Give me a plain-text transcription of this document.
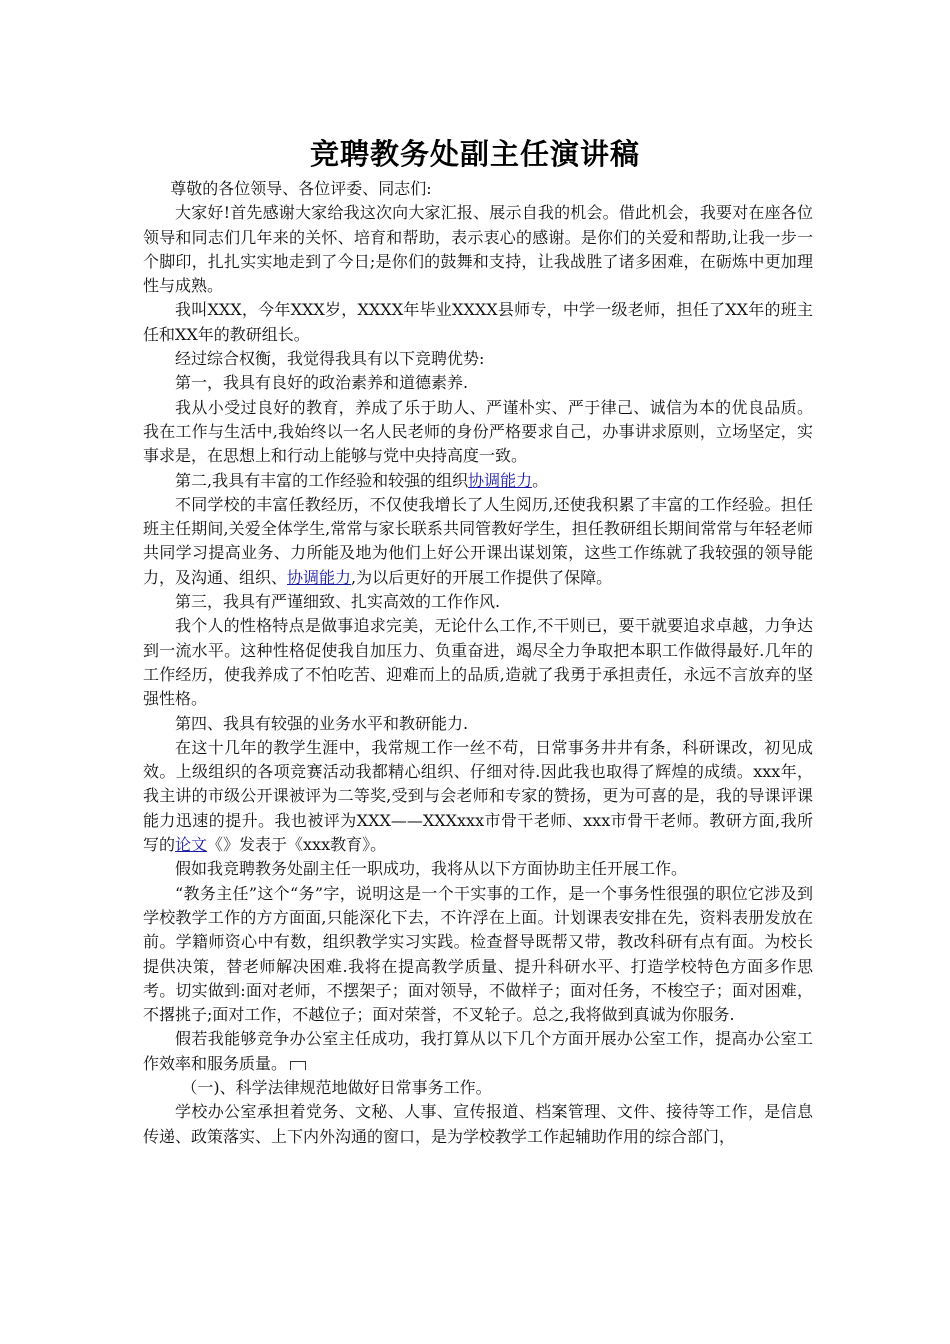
竞聘教务处副主任演讲稿

尊敬的各位领导、各位评委、同志们:

大家好!首先感谢大家给我这次向大家汇报、展示自我的机会。借此机会，我要对在座各位领导和同志们几年来的关怀、培育和帮助，表示衷心的感谢。是你们的关爱和帮助,让我一步一个脚印，扎扎实实地走到了今日;是你们的鼓舞和支持，让我战胜了诸多困难，在砺炼中更加理性与成熟。

我叫XXX，今年XXX岁，XXXX年毕业XXXX县师专，中学一级老师，担任了XX年的班主任和XX年的教研组长。

经过综合权衡，我觉得我具有以下竞聘优势:

第一，我具有良好的政治素养和道德素养.

我从小受过良好的教育，养成了乐于助人、严谨朴实、严于律己、诚信为本的优良品质。我在工作与生活中,我始终以一名人民老师的身份严格要求自己，办事讲求原则，立场坚定，实事求是，在思想上和行动上能够与党中央持高度一致。

第二,我具有丰富的工作经验和较强的组织协调能力。

不同学校的丰富任教经历，不仅使我增长了人生阅历,还使我积累了丰富的工作经验。担任班主任期间,关爱全体学生,常常与家长联系共同管教好学生，担任教研组长期间常常与年轻老师共同学习提高业务、力所能及地为他们上好公开课出谋划策，这些工作练就了我较强的领导能力，及沟通、组织、协调能力,为以后更好的开展工作提供了保障。

第三，我具有严谨细致、扎实高效的工作作风.

我个人的性格特点是做事追求完美，无论什么工作,不干则已，要干就要追求卓越，力争达到一流水平。这种性格促使我自加压力、负重奋进，竭尽全力争取把本职工作做得最好.几年的工作经历，使我养成了不怕吃苦、迎难而上的品质,造就了我勇于承担责任，永远不言放弃的坚强性格。

第四、我具有较强的业务水平和教研能力.

在这十几年的教学生涯中，我常规工作一丝不苟，日常事务井井有条，科研课改，初见成效。上级组织的各项竞赛活动我都精心组织、仔细对待.因此我也取得了辉煌的成绩。xxx年，我主讲的市级公开课被评为二等奖,受到与会老师和专家的赞扬，更为可喜的是，我的导课评课能力迅速的提升。我也被评为XXX——XXXxxx市骨干老师、xxx市骨干老师。教研方面,我所写的论文《》发表于《xxx教育》。

假如我竞聘教务处副主任一职成功，我将从以下方面协助主任开展工作。

“教务主任”这个“务”字，说明这是一个干实事的工作，是一个事务性很强的职位它涉及到学校教学工作的方方面面,只能深化下去，不许浮在上面。计划课表安排在先，资料表册发放在前。学籍师资心中有数，组织教学实习实践。检查督导既帮又带，教改科研有点有面。为校长提供决策，替老师解决困难.我将在提高教学质量、提升科研水平、打造学校特色方面多作思考。切实做到:面对老师，不摆架子；面对领导，不做样子；面对任务，不梭空子；面对困难，不撂挑子;面对工作，不越位子；面对荣誉，不叉轮子。总之,我将做到真诚为你服务.

假若我能够竞争办公室主任成功，我打算从以下几个方面开展办公室工作，提高办公室工作效率和服务质量。

（一)、科学法律规范地做好日常事务工作。

学校办公室承担着党务、文秘、人事、宣传报道、档案管理、文件、接待等工作，是信息传递、政策落实、上下内外沟通的窗口，是为学校教学工作起辅助作用的综合部门，
